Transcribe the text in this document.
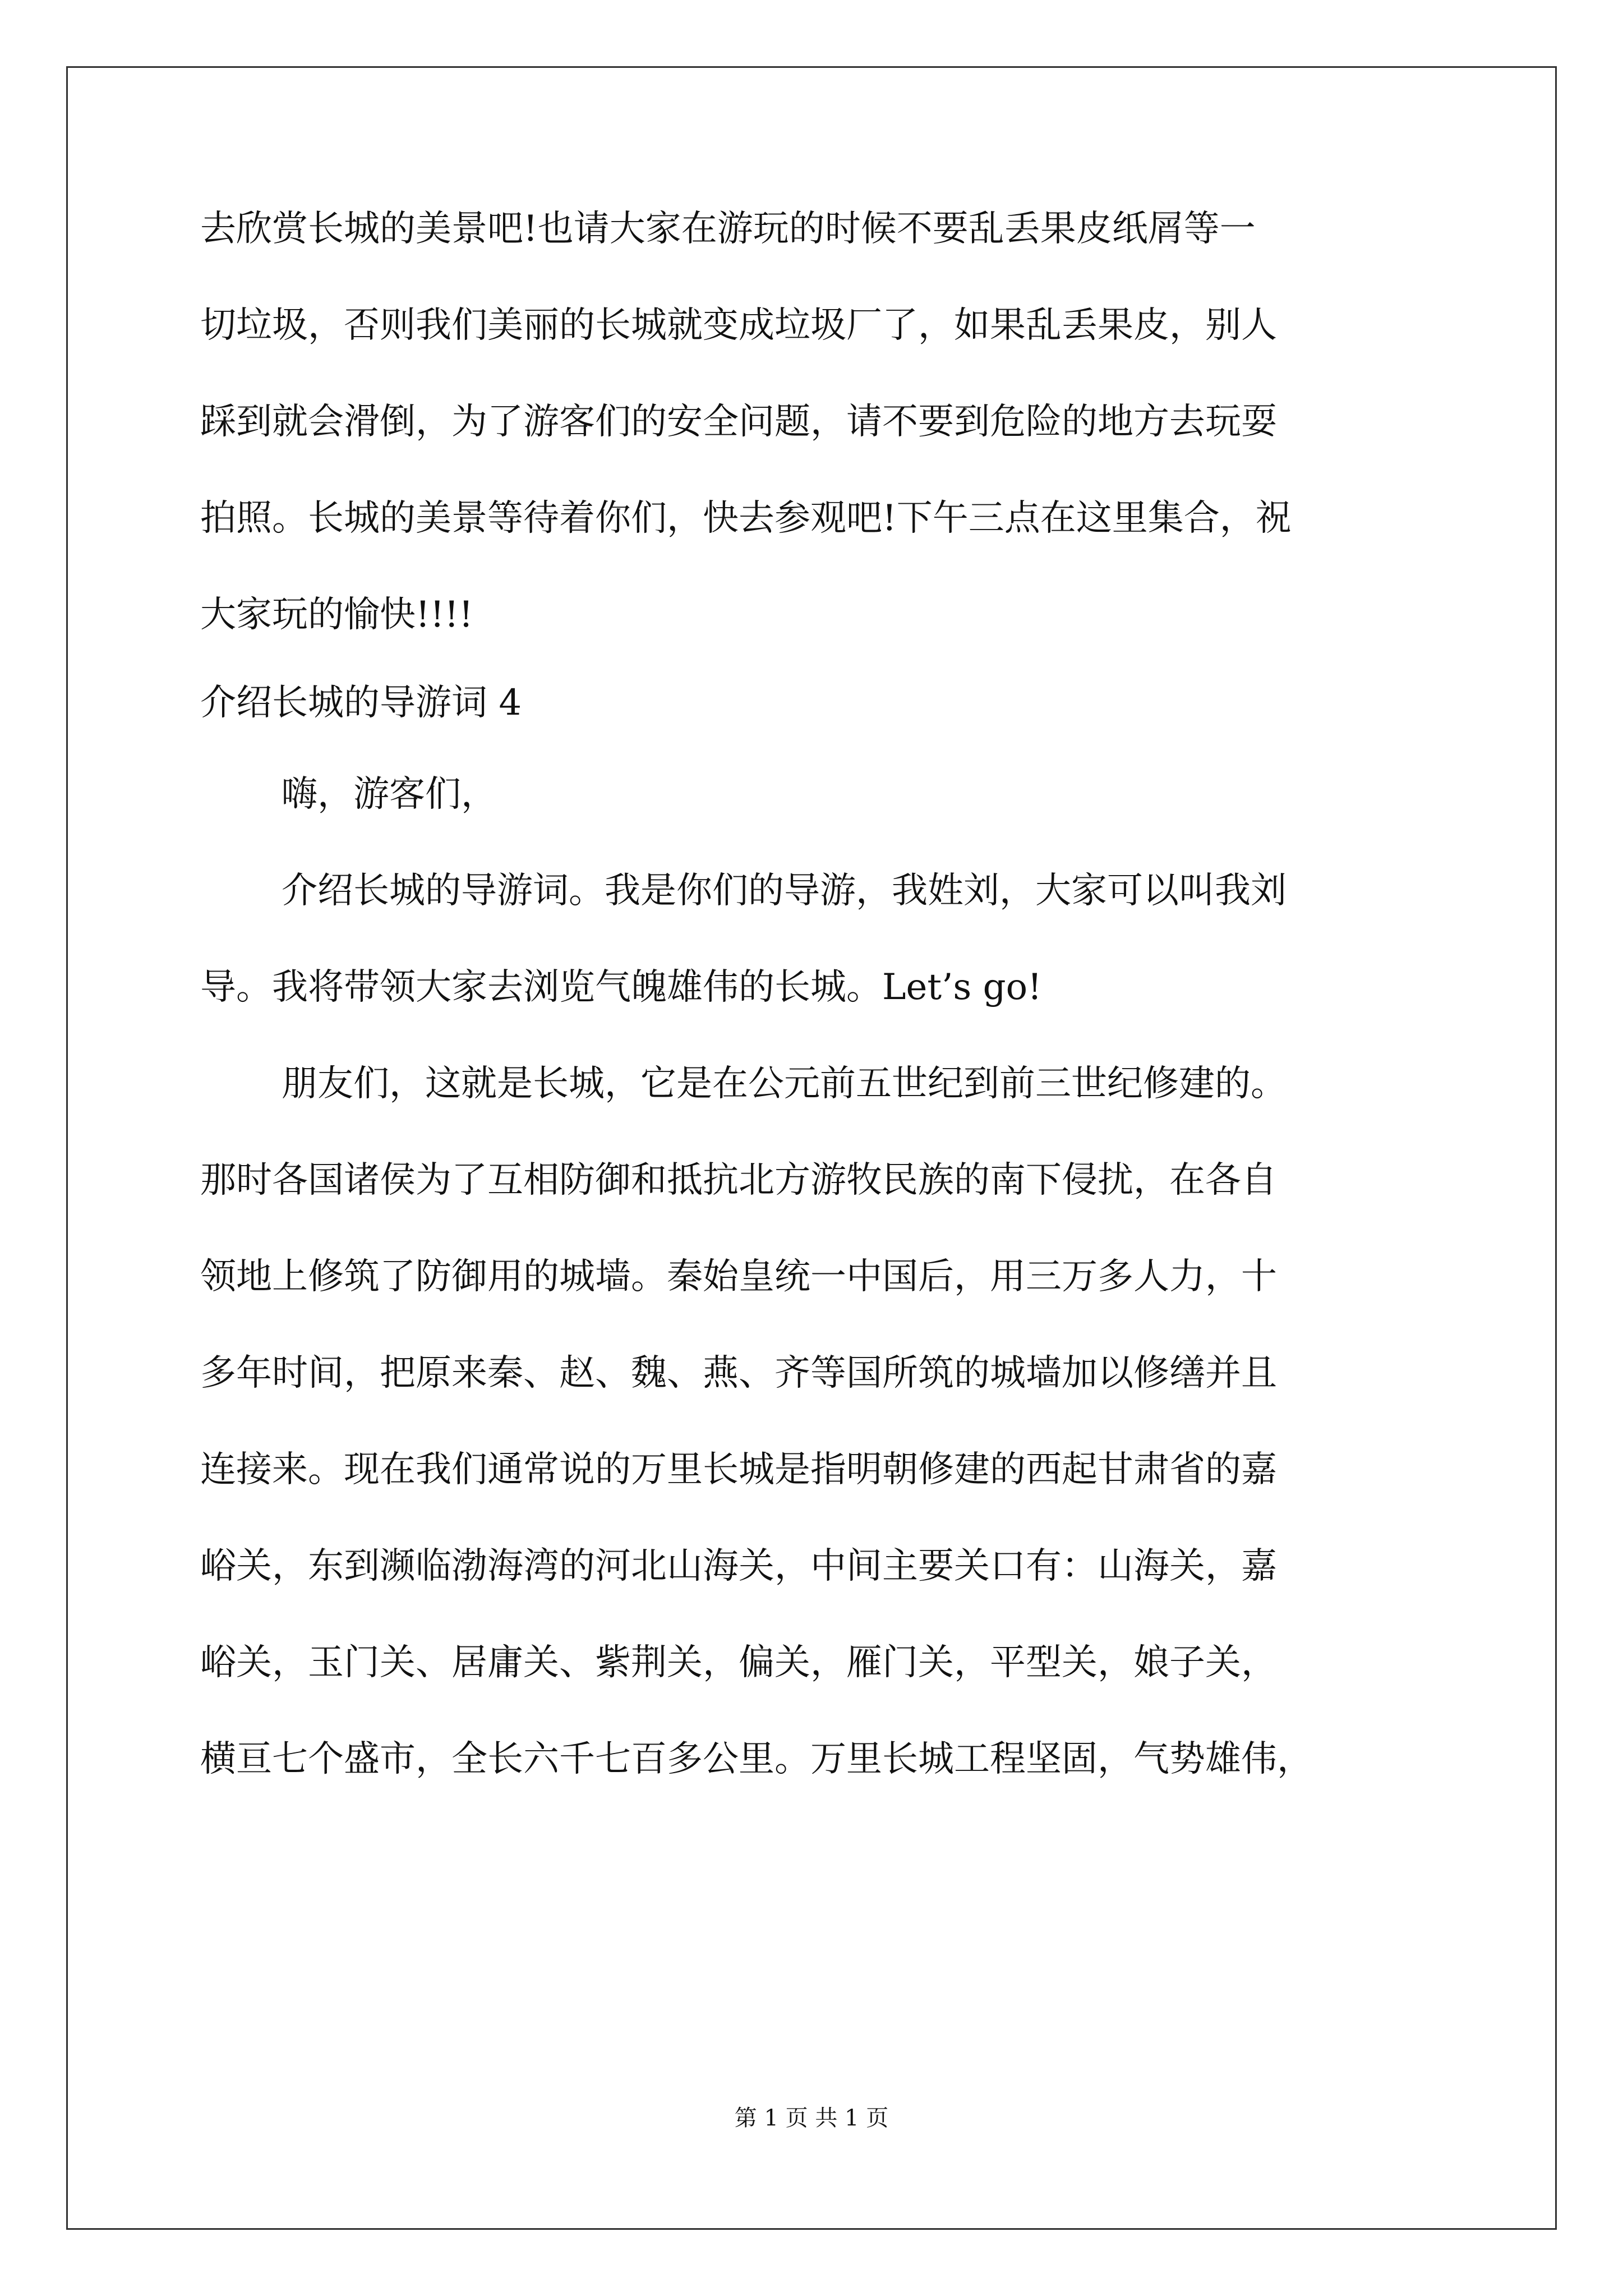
去欣赏长城的美景吧!也请大家在游玩的时候不要乱丢果皮纸屑等一
切垃圾，否则我们美丽的长城就变成垃圾厂了，如果乱丢果皮，别人
踩到就会滑倒，为了游客们的安全问题，请不要到危险的地方去玩耍
拍照。长城的美景等待着你们，快去参观吧!下午三点在这里集合，祝
大家玩的愉快!!!!
介绍长城的导游词 4
嗨，游客们，
介绍长城的导游词。我是你们的导游，我姓刘，大家可以叫我刘
导。我将带领大家去浏览气魄雄伟的长城。Let’s go!
朋友们，这就是长城，它是在公元前五世纪到前三世纪修建的。
那时各国诸侯为了互相防御和抵抗北方游牧民族的南下侵扰，在各自
领地上修筑了防御用的城墙。秦始皇统一中国后，用三万多人力，十
多年时间，把原来秦、赵、魏、燕、齐等国所筑的城墙加以修缮并且
连接来。现在我们通常说的万里长城是指明朝修建的西起甘肃省的嘉
峪关，东到濒临渤海湾的河北山海关，中间主要关口有：山海关，嘉
峪关，玉门关、居庸关、紫荆关，偏关，雁门关，平型关，娘子关，
横亘七个盛市，全长六千七百多公里。万里长城工程坚固，气势雄伟，
第 1 页 共 1 页
